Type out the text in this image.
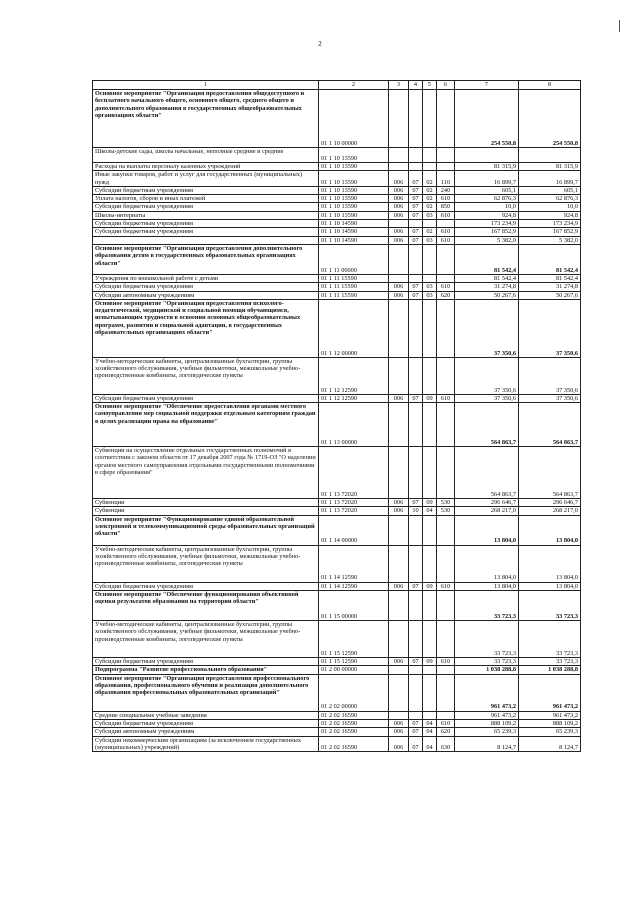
2
1	2	3	4	5	6	7	8
Основное мероприятие "Организация предоставления общедоступного и бесплатного начального общего, основного общего, среднего общего и дополнительного образования в государственных общеобразовательных организациях области"	01 1 10 00000					254 550,8	254 550,8
Школы-детские сады, школы начальные, неполные средние и средние	01 1 10 13590						
Расходы на выплаты персоналу казенных учреждений	01 1 10 13590					81 315,9	81 315,9
Иные закупки товаров, работ и услуг для государственных (муниципальных) нужд	01 1 10 13590	006	07	02	110	16 899,7	16 899,7
Субсидии бюджетным учреждениям	01 1 10 13590	006	07	02	240	605,1	605,1
Уплата налогов, сборов и иных платежей	01 1 10 13590	006	07	02	610	62 876,3	62 876,3
Субсидии бюджетным учреждениям	01 1 10 13590	006	07	02	850	10,0	10,0
Школы-интернаты	01 1 10 13590	006	07	03	610	924,8	924,8
Субсидии бюджетным учреждениям	01 1 10 14590					173 234,9	173 234,9
Субсидии бюджетным учреждениям	01 1 10 14590	006	07	02	610	167 852,9	167 852,9
	01 1 10 14590	006	07	03	610	5 382,0	5 382,0
Основное мероприятие "Организация предоставления дополнительного образования детям в государственных образовательных организациях области"	01 1 11 00000					81 542,4	81 542,4
Учреждения по внешкольной работе с детьми	01 1 11 15590					81 542,4	81 542,4
Субсидии бюджетным учреждениям	01 1 11 15590	006	07	03	610	31 274,8	31 274,8
Субсидии автономным учреждениям	01 1 11 15590	006	07	03	620	50 267,6	50 267,6
Основное мероприятие "Организация предоставления психолого-педагогической, медицинской и социальной помощи обучающимся, испытывающим трудности в освоении основных общеобразовательных программ, развитии и социальной адаптации, в государственных образовательных организациях области"	01 1 12 00000					37 350,6	37 350,6
Учебно-методические кабинеты, централизованные бухгалтерии, группы хозяйственного обслуживания, учебные фильмотеки, межшкольные учебно-производственные комбинаты, логопедические пункты	01 1 12 12590					37 350,6	37 350,6
Субсидии бюджетным учреждениям	01 1 12 12590	006	07	09	610	37 350,6	37 350,6
Основное мероприятие "Обеспечение предоставления органами местного самоуправления мер социальной поддержки отдельным категориям граждан в целях реализации права на образование"	01 1 13 00000					564 863,7	564 863,7
Субвенции на осуществление отдельных государственных полномочий в соответствии с законом области от 17 декабря 2007 года № 1719-ОЗ "О наделении органов местного самоуправления отдельными государственными полномочиями в сфере образования"	01 1 13 72020					564 863,7	564 863,7
Субвенции	01 1 13 72020	006	07	09	530	296 646,7	296 646,7
Субвенции	01 1 13 72020	006	10	04	530	268 217,0	268 217,0
Основное мероприятие "Функционирование единой образовательной электронной и телекоммуникационной среды образовательных организаций области"	01 1 14 00000					13 804,0	13 804,0
Учебно-методические кабинеты, централизованные бухгалтерии, группы хозяйственного обслуживания, учебные фильмотеки, межшкольные учебно-производственные комбинаты, логопедические пункты	01 1 14 12590					13 804,0	13 804,0
Субсидии бюджетным учреждениям	01 1 14 12590	006	07	09	610	13 804,0	13 804,0
Основное мероприятие "Обеспечение функционирования объективной оценки результатов образования на территории области"	01 1 15 00000					33 723,3	33 723,3
Учебно-методические кабинеты, централизованные бухгалтерии, группы хозяйственного обслуживания, учебные фильмотеки, межшкольные учебно-производственные комбинаты, логопедические пункты	01 1 15 12590					33 723,3	33 723,3
Субсидии бюджетным учреждениям	01 1 15 12590	006	07	09	610	33 723,3	33 723,3
Подпрограмма "Развитие профессионального образования"	01 2 00 00000					1 038 288,8	1 038 288,8
Основное мероприятие "Организация предоставления профессионального образования, профессионального обучения и реализация дополнительного образования профессиональных образовательных организаций"	01 2 02 00000					961 473,2	961 473,2
Средние специальные учебные заведения	01 2 02 16590					961 473,2	961 473,2
Субсидии бюджетным учреждениям	01 2 02 16590	006	07	04	610	888 109,2	888 109,2
Субсидии автономным учреждениям	01 2 02 16590	006	07	04	620	65 239,3	65 239,3
Субсидии некоммерческим организациям (за исключением государственных (муниципальных) учреждений)	01 2 02 16590	006	07	04	630	8 124,7	8 124,7
